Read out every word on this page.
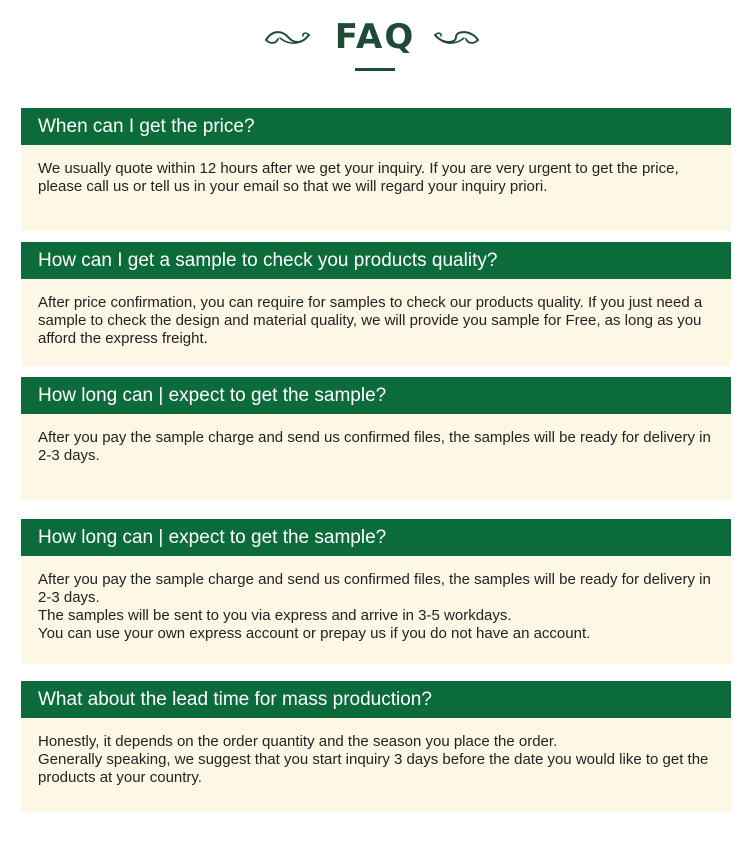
FAQ
When can I get the price?

We usually quote within 12 hours after we get your inquiry. If you are very urgent to get the price, please call us or tell us in your email so that we will regard your inquiry priori.

How can I get a sample to check you products quality?

After price confirmation, you can require for samples to check our products quality. If you just need a sample to check the design and material quality, we will provide you sample for Free, as long as you afford the express freight.

How long can | expect to get the sample?

After you pay the sample charge and send us confirmed files, the samples will be ready for delivery in 2-3 days.

How long can | expect to get the sample?

After you pay the sample charge and send us confirmed files, the samples will be ready for delivery in 2-3 days.

The samples will be sent to you via express and arrive in 3-5 workdays.

You can use your own express account or prepay us if you do not have an account.

What about the lead time for mass production?

Honestly, it depends on the order quantity and the season you place the order.

Generally speaking, we suggest that you start inquiry 3 days before the date you would like to get the products at your country.
